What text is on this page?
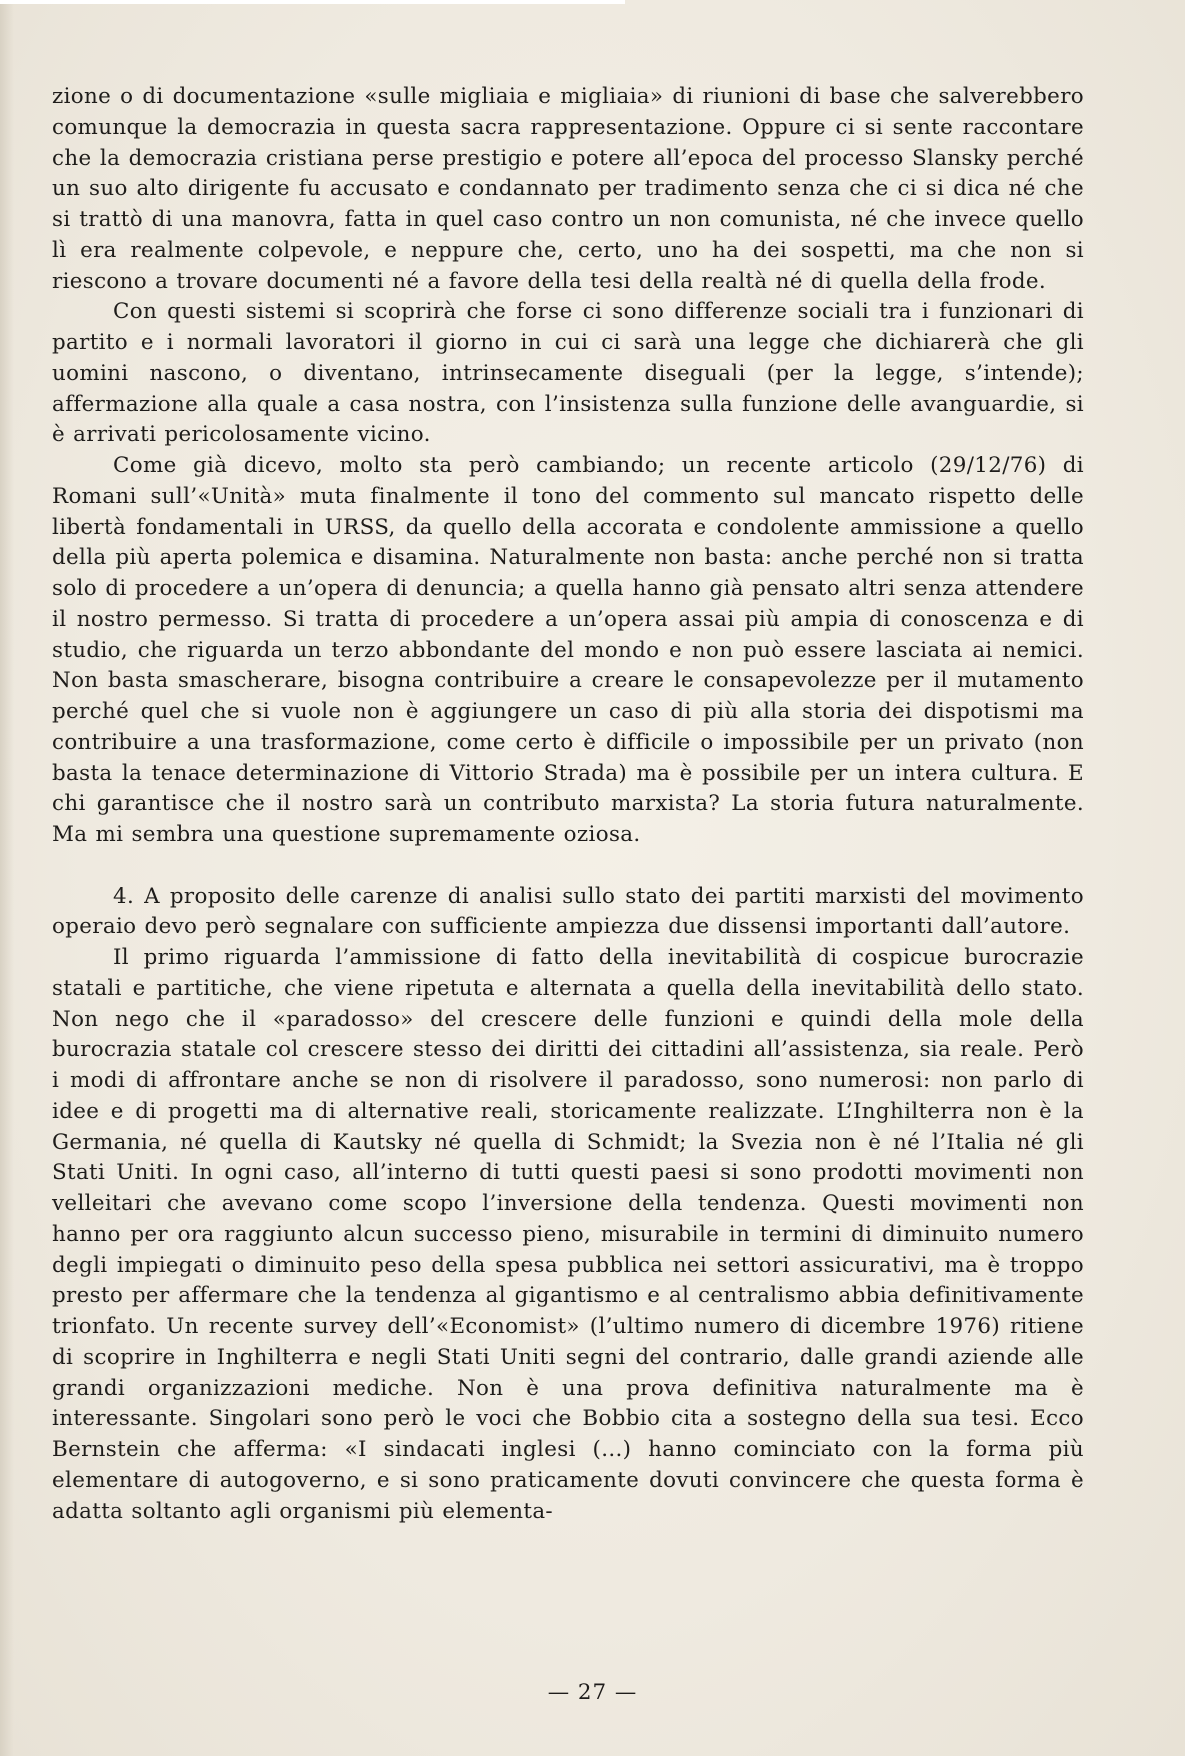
zione o di documentazione «sulle migliaia e migliaia» di riunioni di base che salverebbero comunque la democrazia in questa sacra rappresentazione. Oppure ci si sente raccontare che la democrazia cristiana perse prestigio e potere all’epoca del processo Slansky perché un suo alto dirigente fu accusato e condannato per tradimento senza che ci si dica né che si trattò di una manovra, fatta in quel caso contro un non comunista, né che invece quello lì era realmente colpevole, e neppure che, certo, uno ha dei sospetti, ma che non si riescono a trovare documenti né a favore della tesi della realtà né di quella della frode.

Con questi sistemi si scoprirà che forse ci sono differenze sociali tra i funzionari di partito e i normali lavoratori il giorno in cui ci sarà una legge che dichiarerà che gli uomini nascono, o diventano, intrinsecamente diseguali (per la legge, s’intende); affermazione alla quale a casa nostra, con l’insistenza sulla funzione delle avanguardie, si è arrivati pericolosamente vicino.

Come già dicevo, molto sta però cambiando; un recente articolo (29/12/76) di Romani sull’«Unità» muta finalmente il tono del commento sul mancato rispetto delle libertà fondamentali in URSS, da quello della accorata e condolente ammissione a quello della più aperta polemica e disamina. Naturalmente non basta: anche perché non si tratta solo di procedere a un’opera di denuncia; a quella hanno già pensato altri senza attendere il nostro permesso. Si tratta di procedere a un’opera assai più ampia di conoscenza e di studio, che riguarda un terzo abbondante del mondo e non può essere lasciata ai nemici. Non basta smascherare, bisogna contribuire a creare le consapevolezze per il mutamento perché quel che si vuole non è aggiungere un caso di più alla storia dei dispotismi ma contribuire a una trasformazione, come certo è difficile o impossibile per un privato (non basta la tenace determinazione di Vittorio Strada) ma è possibile per un intera cultura. E chi garantisce che il nostro sarà un contributo marxista? La storia futura naturalmente. Ma mi sembra una questione supremamente oziosa.

4. A proposito delle carenze di analisi sullo stato dei partiti marxisti del movimento operaio devo però segnalare con sufficiente ampiezza due dissensi importanti dall’autore.

Il primo riguarda l’ammissione di fatto della inevitabilità di cospicue burocrazie statali e partitiche, che viene ripetuta e alternata a quella della inevitabilità dello stato. Non nego che il «paradosso» del crescere delle funzioni e quindi della mole della burocrazia statale col crescere stesso dei diritti dei cittadini all’assistenza, sia reale. Però i modi di affrontare anche se non di risolvere il paradosso, sono numerosi: non parlo di idee e di progetti ma di alternative reali, storicamente realizzate. L’Inghilterra non è la Germania, né quella di Kautsky né quella di Schmidt; la Svezia non è né l’Italia né gli Stati Uniti. In ogni caso, all’interno di tutti questi paesi si sono prodotti movimenti non velleitari che avevano come scopo l’inversione della tendenza. Questi movimenti non hanno per ora raggiunto alcun successo pieno, misurabile in termini di diminuito numero degli impiegati o diminuito peso della spesa pubblica nei settori assicurativi, ma è troppo presto per affermare che la tendenza al gigantismo e al centralismo abbia definitivamente trionfato. Un recente survey dell’«Economist» (l’ultimo numero di dicembre 1976) ritiene di scoprire in Inghilterra e negli Stati Uniti segni del contrario, dalle grandi aziende alle grandi organizzazioni mediche. Non è una prova definitiva naturalmente ma è interessante. Singolari sono però le voci che Bobbio cita a sostegno della sua tesi. Ecco Bernstein che afferma: «I sindacati inglesi (...) hanno cominciato con la forma più elementare di autogoverno, e si sono praticamente dovuti convincere che questa forma è adatta soltanto agli organismi più elementa-

— 27 —
